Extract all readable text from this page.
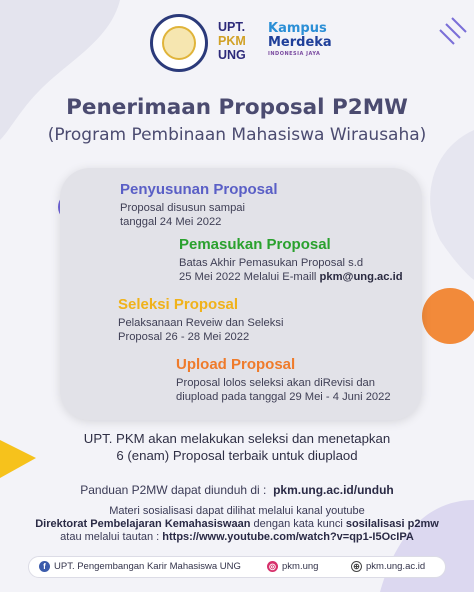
UPT.
PKM
UNG
Kampus
Merdeka
INDONESIA JAYA
Penerimaan Proposal P2MW
(Program Pembinaan Mahasiswa Wirausaha)
Penyusunan Proposal
Proposal disusun sampai
tanggal 24 Mei 2022
Pemasukan Proposal
Batas Akhir Pemasukan Proposal s.d
25 Mei 2022 Melalui E-maill pkm@ung.ac.id
Seleksi Proposal
Pelaksanaan Reveiw dan Seleksi
Proposal 26 - 28 Mei 2022
Upload Proposal
Proposal lolos seleksi akan diRevisi dan
diupload pada tanggal 29 Mei - 4 Juni 2022
UPT. PKM akan melakukan seleksi dan menetapkan
6 (enam) Proposal terbaik untuk diuplaod
Panduan P2MW dapat diunduh di : pkm.ung.ac.id/unduh
Materi sosialisasi dapat dilihat melalui kanal youtube
Direktorat Pembelajaran Kemahasiswaan dengan kata kunci sosilalisasi p2mw
atau melalui tautan : https://www.youtube.com/watch?v=qp1-I5OcIPA
f UPT. Pengembangan Karir Mahasiswa UNG	◎ pkm.ung	⊕ pkm.ung.ac.id
